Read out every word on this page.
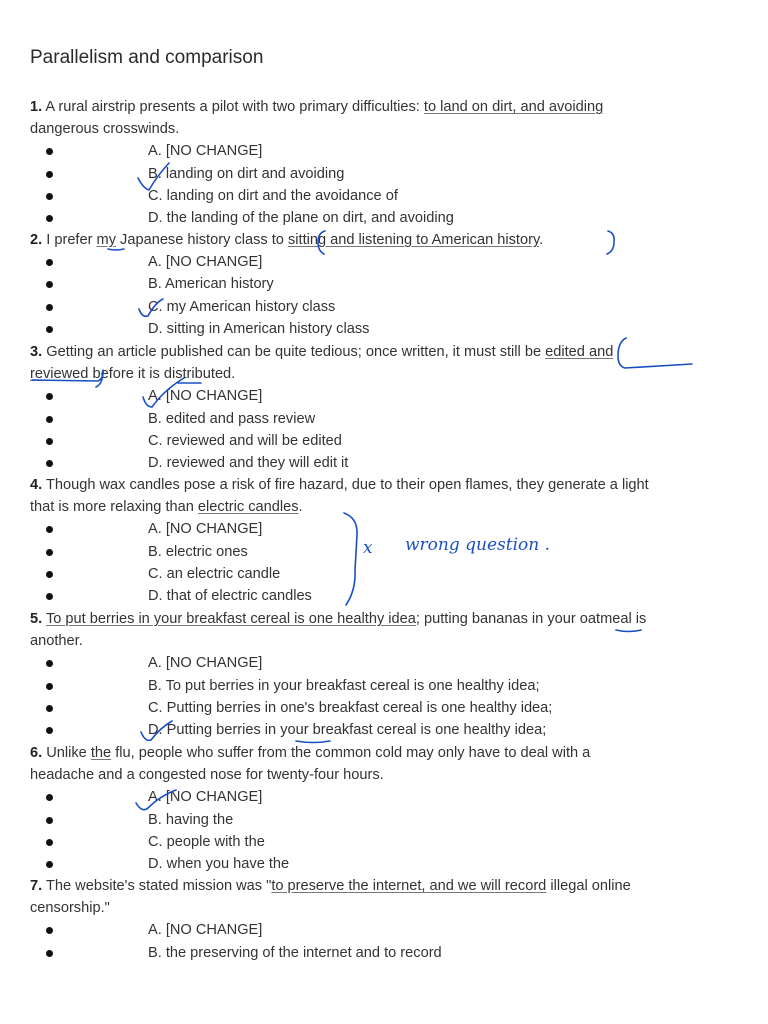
Parallelism and comparison
1. A rural airstrip presents a pilot with two primary difficulties: to land on dirt, and avoiding
dangerous crosswinds.
A. [NO CHANGE]
B. landing on dirt and avoiding
C. landing on dirt and the avoidance of
D. the landing of the plane on dirt, and avoiding
2. I prefer my Japanese history class to sitting and listening to American history.
A. [NO CHANGE]
B. American history
C. my American history class
D. sitting in American history class
3. Getting an article published can be quite tedious; once written, it must still be edited and
reviewed before it is distributed.
A. [NO CHANGE]
B. edited and pass review
C. reviewed and will be edited
D. reviewed and they will edit it
4. Though wax candles pose a risk of fire hazard, due to their open flames, they generate a light
that is more relaxing than electric candles.
A. [NO CHANGE]
B. electric ones
C. an electric candle
D. that of electric candles
5. To put berries in your breakfast cereal is one healthy idea; putting bananas in your oatmeal is
another.
A. [NO CHANGE]
B. To put berries in your breakfast cereal is one healthy idea;
C. Putting berries in one's breakfast cereal is one healthy idea;
D. Putting berries in your breakfast cereal is one healthy idea;
6. Unlike the flu, people who suffer from the common cold may only have to deal with a
headache and a congested nose for twenty-four hours.
A. [NO CHANGE]
B. having the
C. people with the
D. when you have the
7. The website's stated mission was "to preserve the internet, and we will record illegal online
censorship."
A. [NO CHANGE]
B. the preserving of the internet and to record
x wrong question .
